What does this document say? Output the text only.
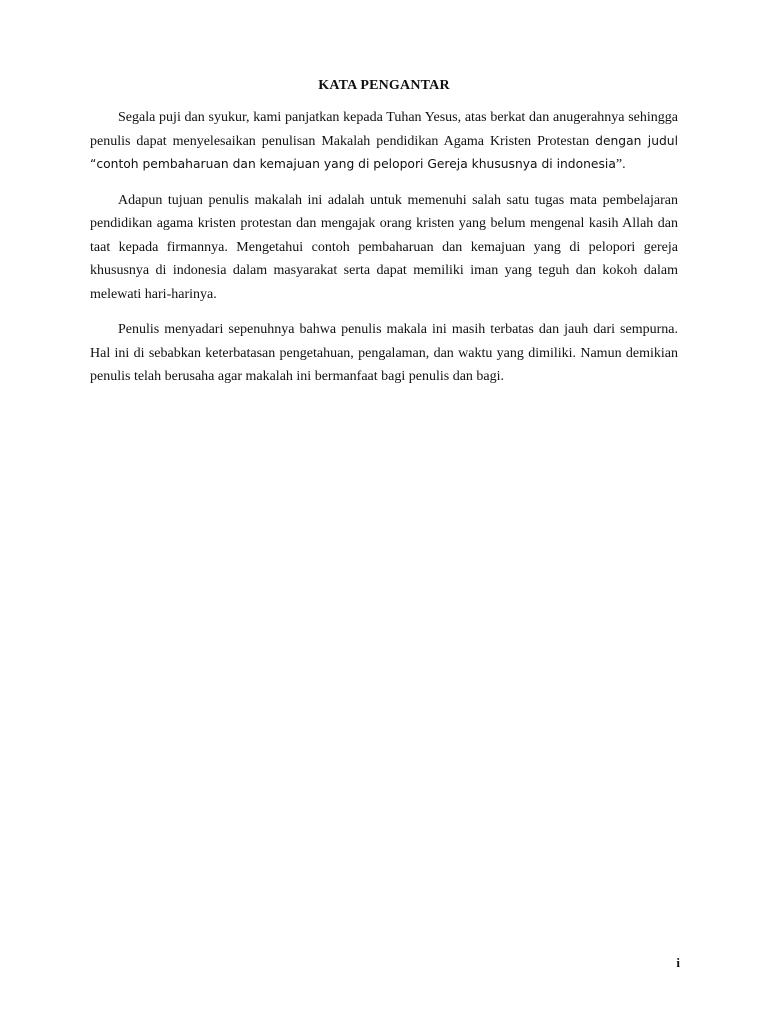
KATA PENGANTAR

Segala puji dan syukur, kami panjatkan kepada Tuhan Yesus, atas berkat dan anugerahnya sehingga penulis dapat menyelesaikan penulisan Makalah pendidikan Agama Kristen Protestan dengan judul “contoh pembaharuan dan kemajuan yang di pelopori Gereja khususnya di indonesia”.

Adapun tujuan penulis makalah ini adalah untuk memenuhi salah satu tugas mata pembelajaran pendidikan agama kristen protestan dan mengajak orang kristen yang belum mengenal kasih Allah dan taat kepada firmannya. Mengetahui contoh pembaharuan dan kemajuan yang di pelopori gereja khususnya di indonesia dalam masyarakat serta dapat memiliki iman yang teguh dan kokoh dalam melewati hari-harinya.

Penulis menyadari sepenuhnya bahwa penulis makala ini masih terbatas dan jauh dari sempurna. Hal ini di sebabkan keterbatasan pengetahuan, pengalaman, dan waktu yang dimiliki. Namun demikian penulis telah berusaha agar makalah ini bermanfaat bagi penulis dan bagi.

i
